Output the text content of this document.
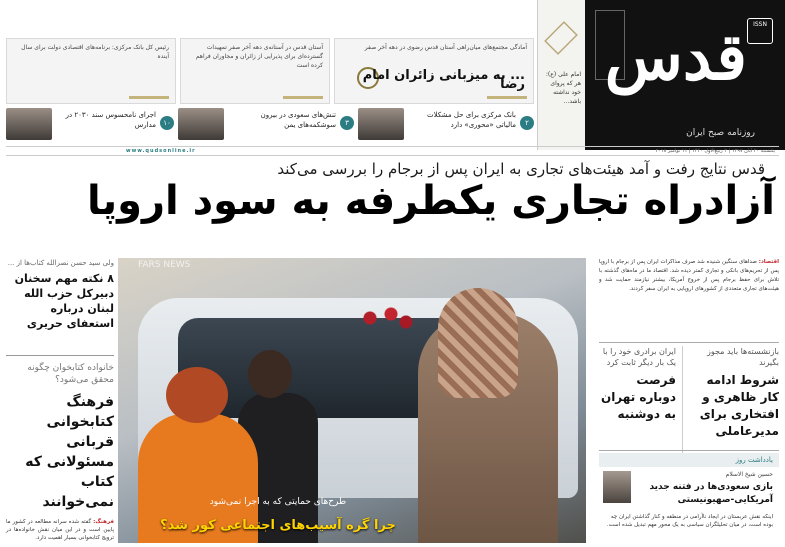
ISSN
قدس
روزنامه صبح ایران
امام علی (ع): هر که پروای خود نداشته باشد...
آمادگی مجتمع‌های میان‌راهی آستان قدس رضوی در دهه آخر صفر
... به میزبانی زائران امام رضا
آستان قدس در آستانه‌ی دهه آخر صفر تمهیدات گسترده‌ای برای پذیرایی از زائران و مجاوران فراهم کرده است
رئیس کل بانک مرکزی: برنامه‌های اقتصادی دولت برای سال آینده
۲
بانک مرکزی برای حل مشکلات مالیاتی «محوری» دارد
۳
تنش‌های سعودی در بیرون سوشکمه‌های یمن
۱۰
اجرای نامحسوس سند ۲۰۳۰ در مدارس
یکشنبه ۲۰ آبان ۱۳۹۷ | ۳ ربیع‌الاول ۱۴۴۰ | ۱۱ نوامبر ۲۰۱۸
www.qudsonline.ir
قدس نتایج رفت و آمد هیئت‌های تجاری به ایران پس از برجام را بررسی می‌کند
آزادراه تجاری یکطرفه به سود اروپا
اقتصاد: صداهای سنگین شنیده شد صرف مذاکرات ایران پس از برجام با اروپا پس از تحریم‌های بانکی و تجاری کمتر دیده شد. اقتصاد ما در ماه‌های گذشته با تلاش برای حفظ برجام پس از خروج آمریکا، بیشتر نیازمند حمایت شد و هیئت‌های تجاری متعددی از کشورهای اروپایی به ایران سفر کردند.
بازنشسته‌ها باید مجوز بگیرند
شروط ادامه کار ظاهری و افتخاری برای مدیرعاملی
ایران برادری خود را با یک بار دیگر ثابت کرد
فرصت دوباره تهران به دوشنبه
یادداشت روز
حسین شیخ الاسلام
بازی سعودی‌ها در فتنه جدید آمریکایی-صهیونیستی
اینکه نقش عربستان در ایجاد ناآرامی در منطقه و کنار گذاشتن ایران چه بوده است، در میان تحلیلگران سیاسی به یک محور مهم تبدیل شده است.
FARS NEWS
طرح‌های حمایتی که به اجرا نمی‌شود
چرا گره آسیب‌های اجتماعی کور شد؟
ولی سید حسن نصرالله کتاب‌ها از ...
۸ نکته مهم سخنان دبیرکل حزب الله لبنان درباره استعفای حریری
خانواده کتابخوان چگونه محقق می‌شود؟
فرهنگ کتابخوانی قربانی مسئولانی که کتاب نمی‌خوانند
فرهنگ: گفته شده سرانه مطالعه در کشور ما پایین است و در این میان نقش خانواده‌ها در ترویج کتابخوانی بسیار اهمیت دارد.
